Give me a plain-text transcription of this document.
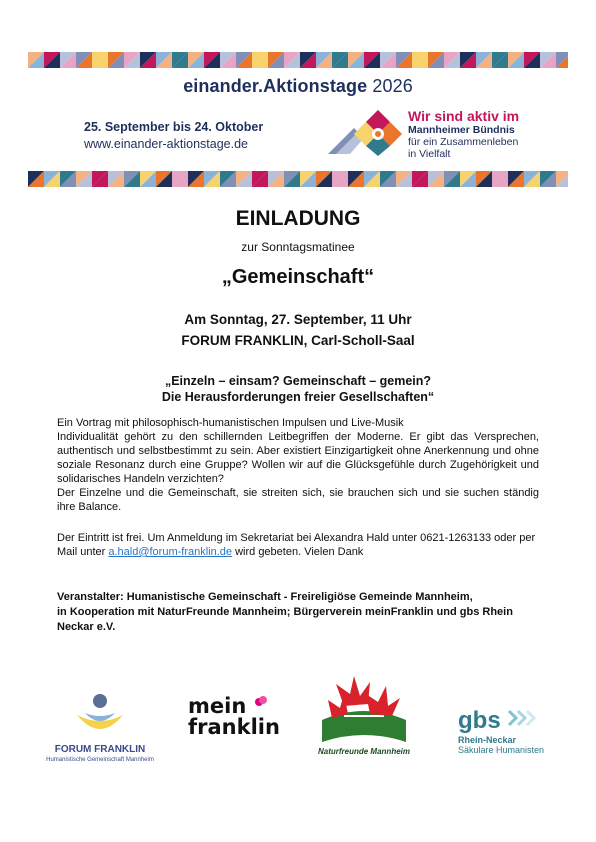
einander.Aktionstage 2026
25. September bis 24. Oktober
www.einander-aktionstage.de
Wir sind aktiv im
Mannheimer Bündnis
für ein Zusammenleben
in Vielfalt
EINLADUNG
zur Sonntagsmatinee
„Gemeinschaft“
Am Sonntag, 27. September, 11 Uhr
FORUM FRANKLIN, Carl-Scholl-Saal
„Einzeln – einsam? Gemeinschaft – gemein?
Die Herausforderungen freier Gesellschaften“
Ein Vortrag mit philosophisch-humanistischen Impulsen und Live-Musik
Individualität gehört zu den schillernden Leitbegriffen der Moderne. Er gibt das Versprechen, authentisch und selbstbestimmt zu sein. Aber existiert Einzigartigkeit ohne Anerkennung und ohne soziale Resonanz durch eine Gruppe? Wollen wir auf die Glücksgefühle durch Zugehörigkeit und solidarisches Handeln verzichten?
Der Einzelne und die Gemeinschaft, sie streiten sich, sie brauchen sich und sie suchen ständig ihre Balance.
Der Eintritt ist frei. Um Anmeldung im Sekretariat bei Alexandra Hald unter 0621-1263133 oder per Mail unter a.hald@forum-franklin.de wird gebeten. Vielen Dank
Veranstalter: Humanistische Gemeinschaft - Freireligiöse Gemeinde Mannheim,
in Kooperation mit NaturFreunde Mannheim; Bürgerverein meinFranklin und gbs Rhein Neckar e.V.
FORUM FRANKLIN
Humanistische Gemeinschaft Mannheim
mein
franklin
Naturfreunde Mannheim
gbs
Rhein-Neckar
Säkulare Humanisten
